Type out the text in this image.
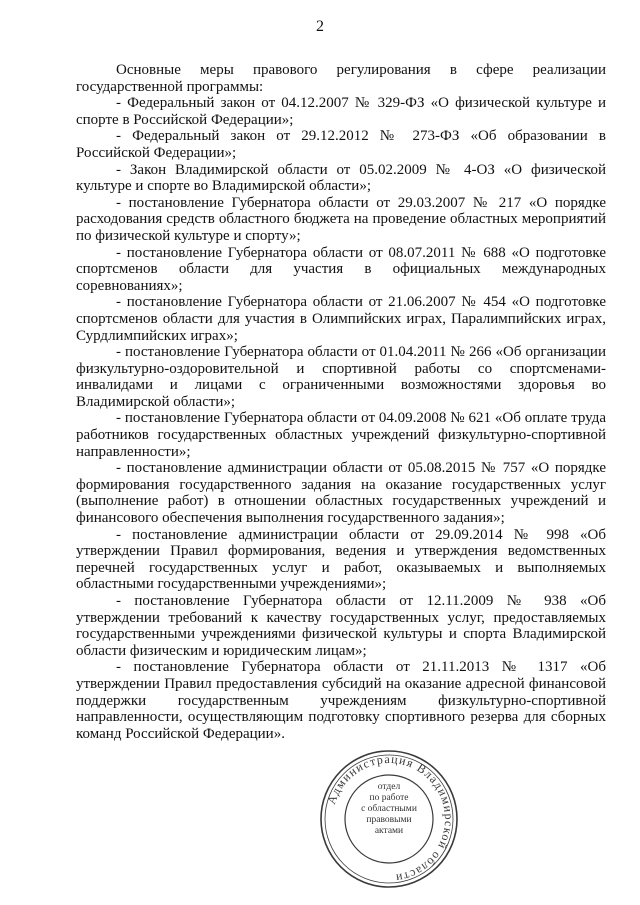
2

Основные меры правового регулирования в сфере реализации государственной программы:

- Федеральный закон от 04.12.2007 № 329-ФЗ «О физической культуре и спорте в Российской Федерации»;

- Федеральный закон от 29.12.2012 № 273-ФЗ «Об образовании в Российской Федерации»;

- Закон Владимирской области от 05.02.2009 № 4-ОЗ «О физической культуре и спорте во Владимирской области»;

- постановление Губернатора области от 29.03.2007 № 217 «О порядке расходования средств областного бюджета на проведение областных мероприятий по физической культуре и спорту»;

- постановление Губернатора области от 08.07.2011 № 688 «О подготовке спортсменов области для участия в официальных международных соревнованиях»;

- постановление Губернатора области от 21.06.2007 № 454 «О подготовке спортсменов области для участия в Олимпийских играх, Паралимпийских играх, Сурдлимпийских играх»;

- постановление Губернатора области от 01.04.2011 № 266 «Об организации физкультурно-оздоровительной и спортивной работы со спортсменами-инвалидами и лицами с ограниченными возможностями здоровья во Владимирской области»;

- постановление Губернатора области от 04.09.2008 № 621 «Об оплате труда работников государственных областных учреждений физкультурно-спортивной направленности»;

- постановление администрации области от 05.08.2015 № 757 «О порядке формирования государственного задания на оказание государственных услуг (выполнение работ) в отношении областных государственных учреждений и финансового обеспечения выполнения государственного задания»;

- постановление администрации области от 29.09.2014 № 998 «Об утверждении Правил формирования, ведения и утверждения ведомственных перечней государственных услуг и работ, оказываемых и выполняемых областными государственными учреждениями»;

- постановление Губернатора области от 12.11.2009 № 938 «Об утверждении требований к качеству государственных услуг, предоставляемых государственными учреждениями физической культуры и спорта Владимирской области физическим и юридическим лицам»;

- постановление Губернатора области от 21.11.2013 № 1317 «Об утверждении Правил предоставления субсидий на оказание адресной финансовой поддержки государственным учреждениям физкультурно-спортивной направленности, осуществляющим подготовку спортивного резерва для сборных команд Российской Федерации».

Администрация Владимирской области
отдел
по работе
с областными
правовыми
актами
